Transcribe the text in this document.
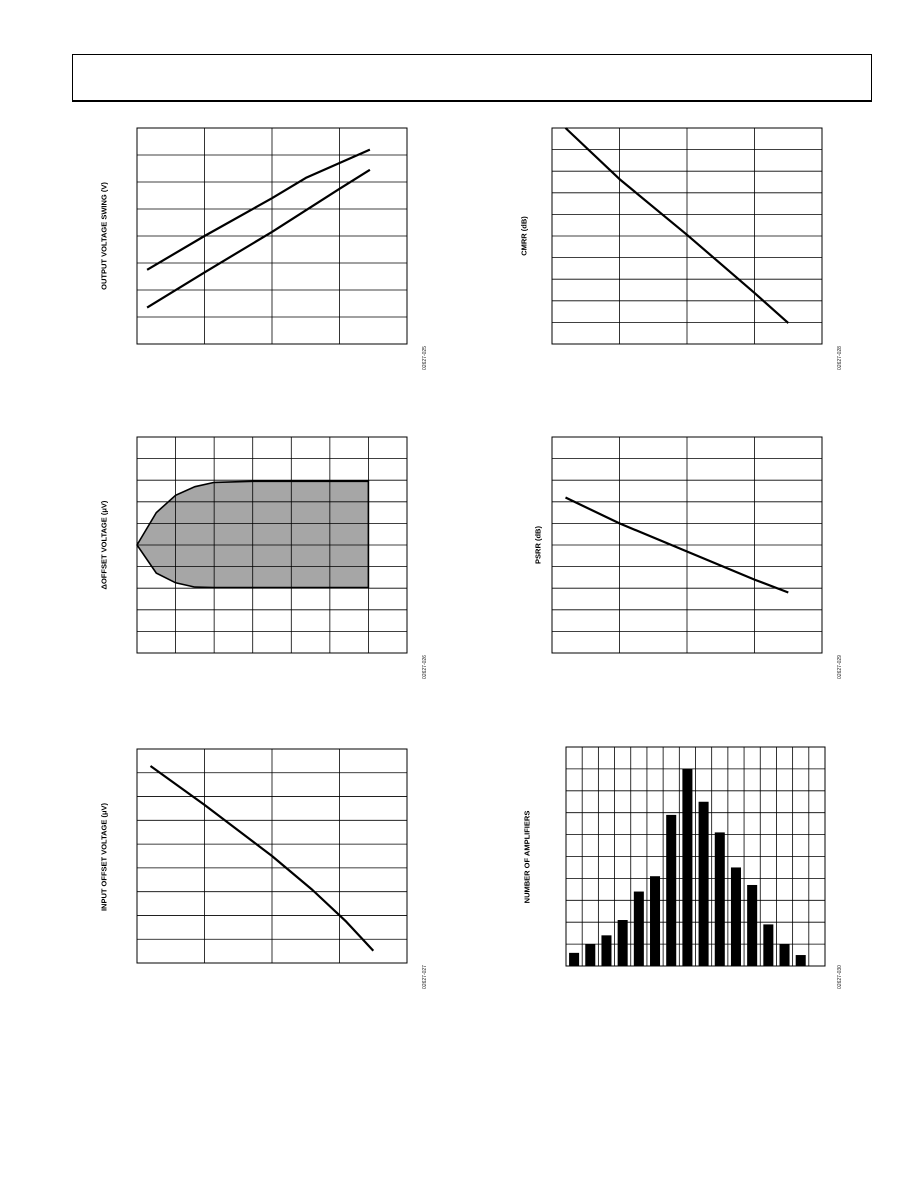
OUTPUT VOLTAGE SWING (V)
02627-025
CMRR (dB)
02627-028
ΔOFFSET VOLTAGE (μV)
02627-026
PSRR (dB)
02627-029
INPUT OFFSET VOLTAGE (μV)
02627-027
NUMBER OF AMPLIFIERS
02627-030
